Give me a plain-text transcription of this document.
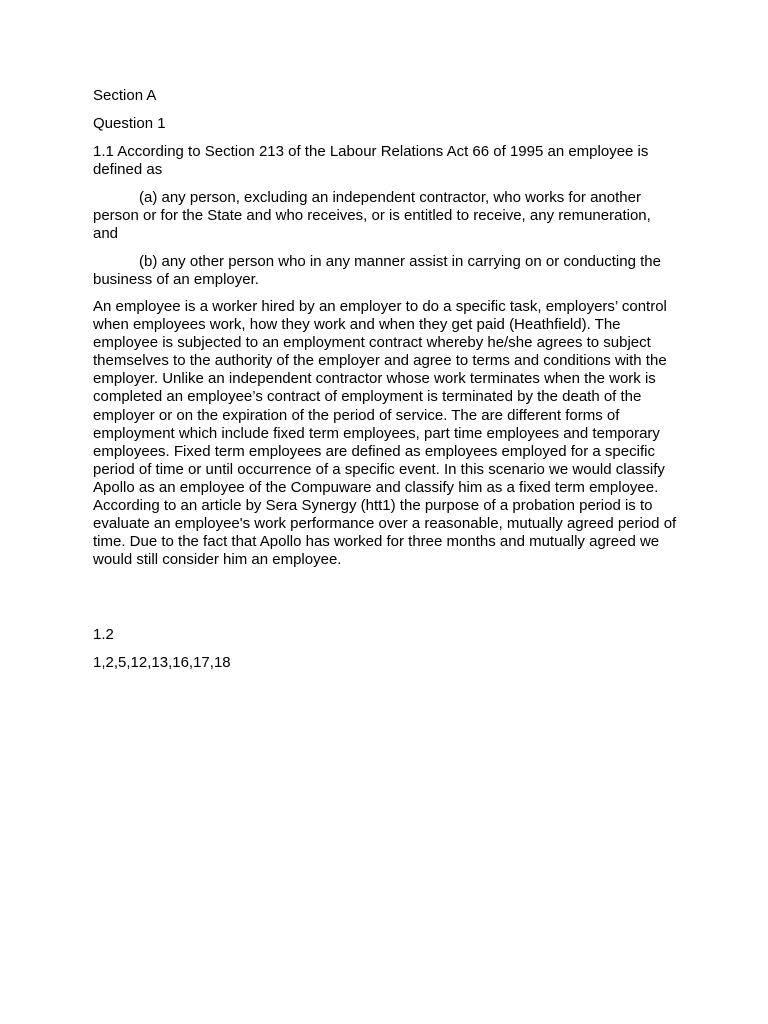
Section A
Question 1
1.1 According to Section 213 of the Labour Relations Act 66 of 1995 an employee is defined as
(a) any person, excluding an independent contractor, who works for another person or for the State and who receives, or is entitled to receive, any remuneration, and
(b) any other person who in any manner assist in carrying on or conducting the business of an employer.
An employee is a worker hired by an employer to do a specific task, employers’ control when employees work, how they work and when they get paid (Heathfield). The employee is subjected to an employment contract whereby he/she agrees to subject themselves to the authority of the employer and agree to terms and conditions with the employer. Unlike an independent contractor whose work terminates when the work is completed an employee’s contract of employment is terminated by the death of the employer or on the expiration of the period of service. The are different forms of employment which include fixed term employees, part time employees and temporary employees. Fixed term employees are defined as employees employed for a specific period of time or until occurrence of a specific event. In this scenario we would classify Apollo as an employee of the Compuware and classify him as a fixed term employee. According to an article by Sera Synergy (htt1) the purpose of a probation period is to evaluate an employee's work performance over a reasonable, mutually agreed period of time. Due to the fact that Apollo has worked for three months and mutually agreed we would still consider him an employee.
1.2
1,2,5,12,13,16,17,18
